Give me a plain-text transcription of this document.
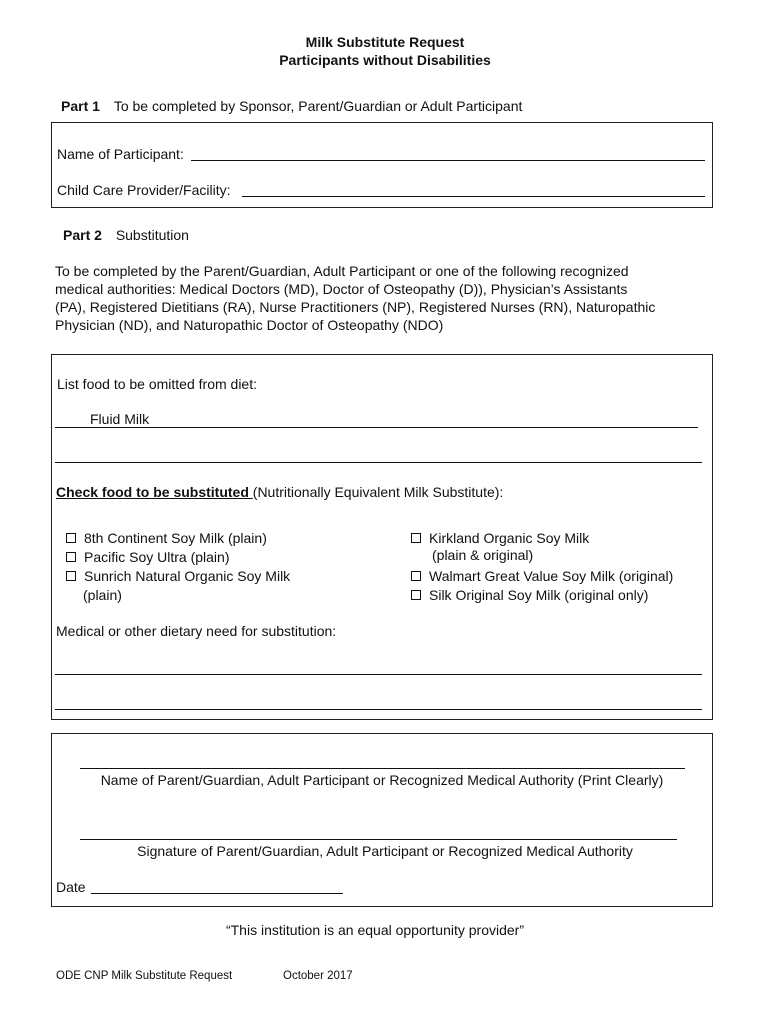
Milk Substitute Request
Participants without Disabilities
Part 1 To be completed by Sponsor, Parent/Guardian or Adult Participant
Name of Participant:
Child Care Provider/Facility:
Part 2 Substitution
To be completed by the Parent/Guardian, Adult Participant or one of the following recognized
medical authorities: Medical Doctors (MD), Doctor of Osteopathy (D)), Physician’s Assistants
(PA), Registered Dietitians (RA), Nurse Practitioners (NP), Registered Nurses (RN), Naturopathic
Physician (ND), and Naturopathic Doctor of Osteopathy (NDO)
List food to be omitted from diet:
Fluid Milk
Check food to be substituted (Nutritionally Equivalent Milk Substitute):
8th Continent Soy Milk (plain)
Pacific Soy Ultra (plain)
Sunrich Natural Organic Soy Milk
(plain)
Kirkland Organic Soy Milk
(plain & original)
Walmart Great Value Soy Milk (original)
Silk Original Soy Milk (original only)
Medical or other dietary need for substitution:
Name of Parent/Guardian, Adult Participant or Recognized Medical Authority (Print Clearly)
Signature of Parent/Guardian, Adult Participant or Recognized Medical Authority
Date
“This institution is an equal opportunity provider”
ODE CNP Milk Substitute Request	October 2017
